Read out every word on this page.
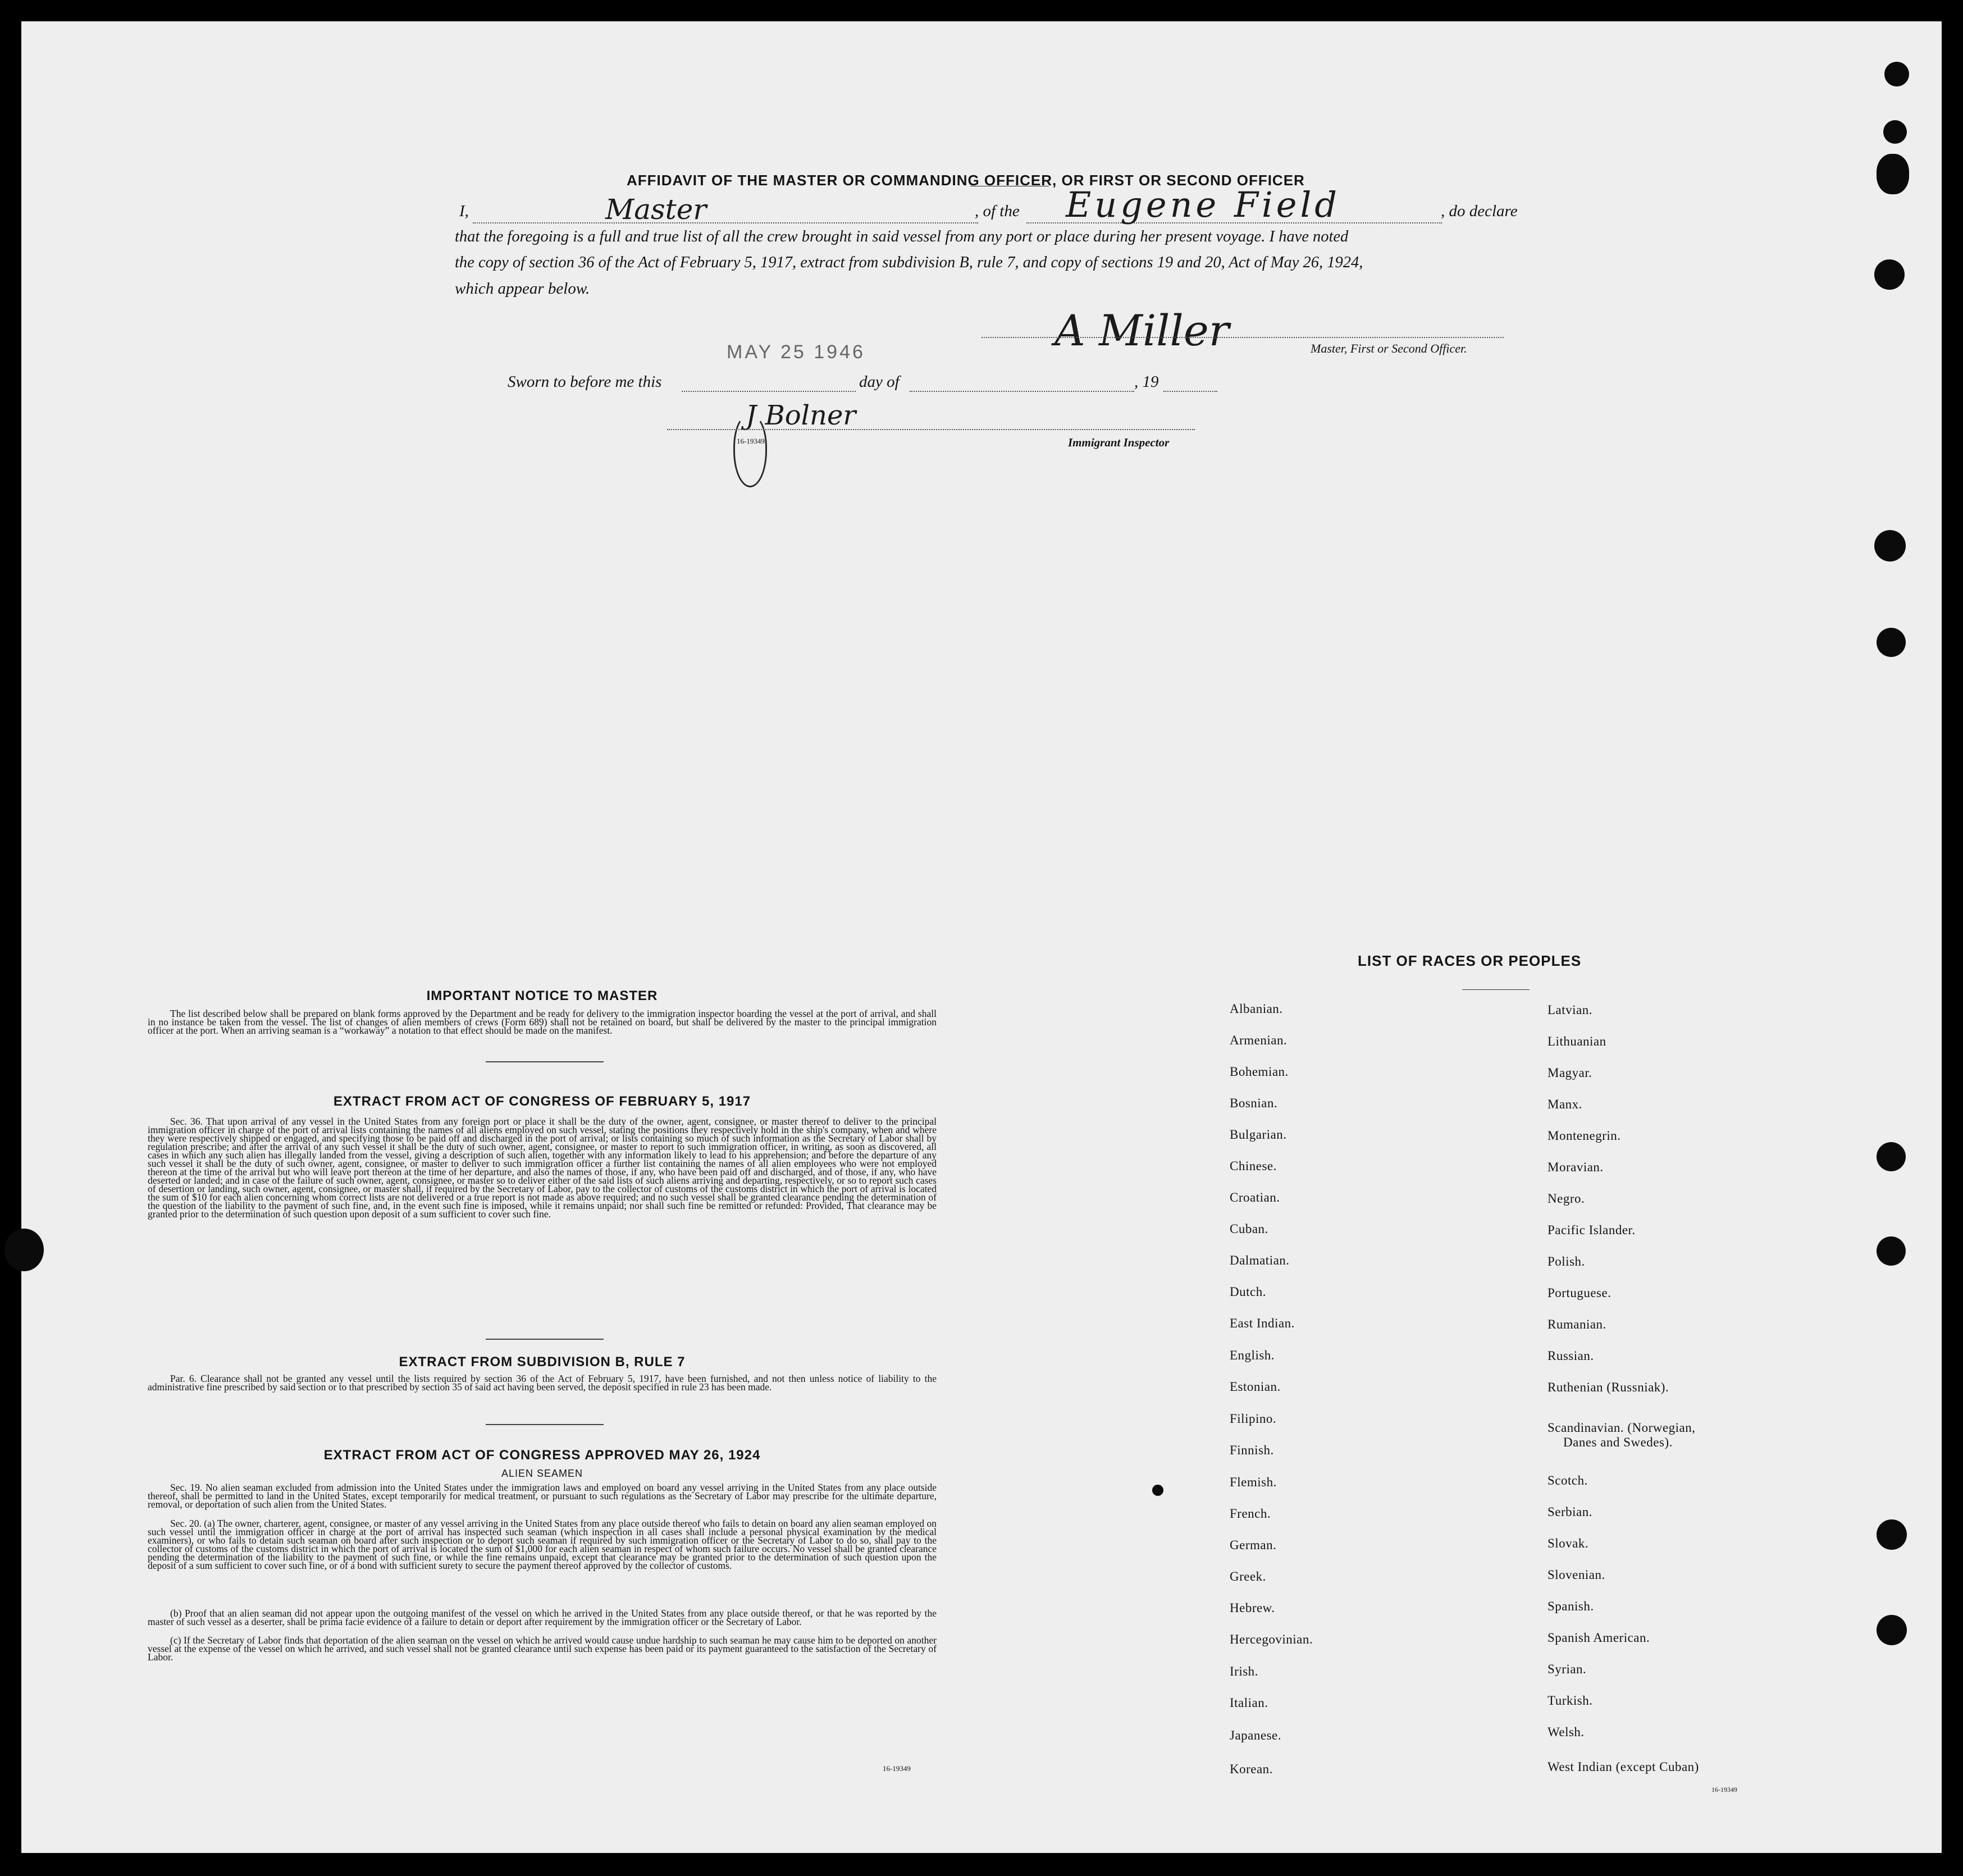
AFFIDAVIT OF THE MASTER OR COMMANDING OFFICER, OR FIRST OR SECOND OFFICER
I,	Master	, of the Eugene Field	, do declare
that the foregoing is a full and true list of all the crew brought in said vessel from any port or place during her present voyage. I have noted
the copy of section 36 of the Act of February 5, 1917, extract from subdivision B, rule 7, and copy of sections 19 and 20, Act of May 26, 1924,
which appear below.
A Miller	Master, First or Second Officer.
MAY 25 1946
Sworn to before me this	day of	, 19
J Bolner
16-19349	Immigrant Inspector
IMPORTANT NOTICE TO MASTER
The list described below shall be prepared on blank forms approved by the Department and be ready for delivery to the immigration inspector boarding the vessel at the port of arrival, and shall in no instance be taken from the vessel. The list of changes of alien members of crews (Form 689) shall not be retained on board, but shall be delivered by the master to the principal immigration officer at the port. When an arriving seaman is a “workaway” a notation to that effect should be made on the manifest.
EXTRACT FROM ACT OF CONGRESS OF FEBRUARY 5, 1917
Sec. 36. That upon arrival of any vessel in the United States from any foreign port or place it shall be the duty of the owner, agent, consignee, or master thereof to deliver to the principal immigration officer in charge of the port of arrival lists containing the names of all aliens employed on such vessel, stating the positions they respectively hold in the ship's company, when and where they were respectively shipped or engaged, and specifying those to be paid off and discharged in the port of arrival; or lists containing so much of such information as the Secretary of Labor shall by regulation prescribe; and after the arrival of any such vessel it shall be the duty of such owner, agent, consignee, or master to report to such immigration officer, in writing, as soon as discovered, all cases in which any such alien has illegally landed from the vessel, giving a description of such alien, together with any information likely to lead to his apprehension; and before the departure of any such vessel it shall be the duty of such owner, agent, consignee, or master to deliver to such immigration officer a further list containing the names of all alien employees who were not employed thereon at the time of the arrival but who will leave port thereon at the time of her departure, and also the names of those, if any, who have been paid off and discharged, and of those, if any, who have deserted or landed; and in case of the failure of such owner, agent, consignee, or master so to deliver either of the said lists of such aliens arriving and departing, respectively, or so to report such cases of desertion or landing, such owner, agent, consignee, or master shall, if required by the Secretary of Labor, pay to the collector of customs of the customs district in which the port of arrival is located the sum of $10 for each alien concerning whom correct lists are not delivered or a true report is not made as above required; and no such vessel shall be granted clearance pending the determination of the question of the liability to the payment of such fine, and, in the event such fine is imposed, while it remains unpaid; nor shall such fine be remitted or refunded: Provided, That clearance may be granted prior to the determination of such question upon deposit of a sum sufficient to cover such fine.
EXTRACT FROM SUBDIVISION B, RULE 7
Par. 6. Clearance shall not be granted any vessel until the lists required by section 36 of the Act of February 5, 1917, have been furnished, and not then unless notice of liability to the administrative fine prescribed by said section or to that prescribed by section 35 of said act having been served, the deposit specified in rule 23 has been made.
EXTRACT FROM ACT OF CONGRESS APPROVED MAY 26, 1924
ALIEN SEAMEN
Sec. 19. No alien seaman excluded from admission into the United States under the immigration laws and employed on board any vessel arriving in the United States from any place outside thereof, shall be permitted to land in the United States, except temporarily for medical treatment, or pursuant to such regulations as the Secretary of Labor may prescribe for the ultimate departure, removal, or deportation of such alien from the United States.
Sec. 20. (a) The owner, charterer, agent, consignee, or master of any vessel arriving in the United States from any place outside thereof who fails to detain on board any alien seaman employed on such vessel until the immigration officer in charge at the port of arrival has inspected such seaman (which inspection in all cases shall include a personal physical examination by the medical examiners), or who fails to detain such seaman on board after such inspection or to deport such seaman if required by such immigration officer or the Secretary of Labor to do so, shall pay to the collector of customs of the customs district in which the port of arrival is located the sum of $1,000 for each alien seaman in respect of whom such failure occurs. No vessel shall be granted clearance pending the determination of the liability to the payment of such fine, or while the fine remains unpaid, except that clearance may be granted prior to the determination of such question upon the deposit of a sum sufficient to cover such fine, or of a bond with sufficient surety to secure the payment thereof approved by the collector of customs.
(b) Proof that an alien seaman did not appear upon the outgoing manifest of the vessel on which he arrived in the United States from any place outside thereof, or that he was reported by the master of such vessel as a deserter, shall be prima facie evidence of a failure to detain or deport after requirement by the immigration officer or the Secretary of Labor.
(c) If the Secretary of Labor finds that deportation of the alien seaman on the vessel on which he arrived would cause undue hardship to such seaman he may cause him to be deported on another vessel at the expense of the vessel on which he arrived, and such vessel shall not be granted clearance until such expense has been paid or its payment guaranteed to the satisfaction of the Secretary of Labor.
16-19349
LIST OF RACES OR PEOPLES
16-19349
Albanian.
Armenian.
Bohemian.
Bosnian.
Bulgarian.
Chinese.
Croatian.
Cuban.
Dalmatian.
Dutch.
East Indian.
English.
Estonian.
Filipino.
Finnish.
Flemish.
French.
German.
Greek.
Hebrew.
Hercegovinian.
Irish.
Italian.
Japanese.
Korean.
Latvian.
Lithuanian
Magyar.
Manx.
Montenegrin.
Moravian.
Negro.
Pacific Islander.
Polish.
Portuguese.
Rumanian.
Russian.
Ruthenian (Russniak).
Scandinavian. (Norwegian,
Danes and Swedes).
Scotch.
Serbian.
Slovak.
Slovenian.
Spanish.
Spanish American.
Syrian.
Turkish.
Welsh.
West Indian (except Cuban)
